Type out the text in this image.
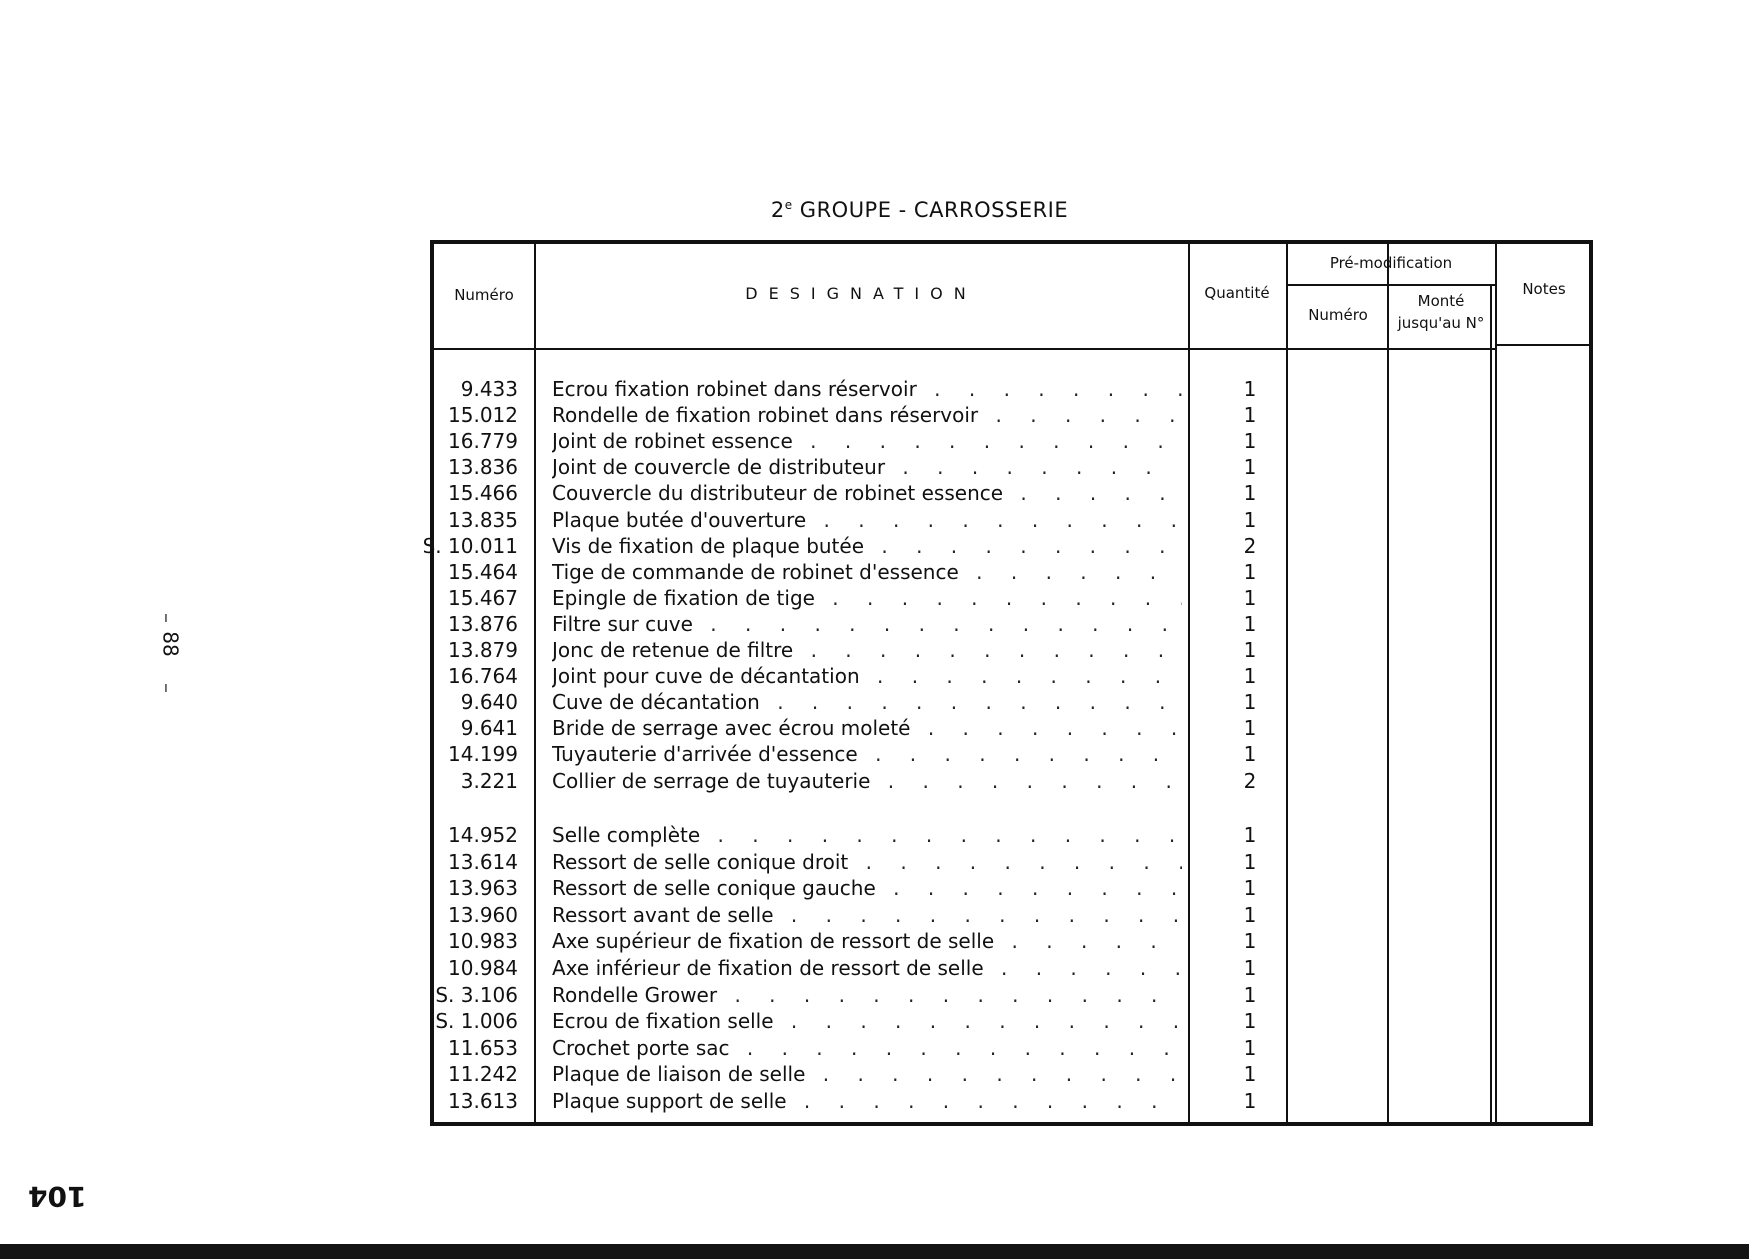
2e GROUPE - CARROSSERIE
ı
88
ı
104
Numéro	DESIGNATION	Quantité
Pré-modification
Numéro
Monté
jusqu'au N°
Notes
9.433 Ecrou fixation robinet dans réservoir . . .	1
15.012 Rondelle de fixation robinet dans réservoir . . .	1
16.779 Joint de robinet essence . . .	1
13.836 Joint de couvercle de distributeur . . .	1
15.466 Couvercle du distributeur de robinet essence . . .	1
13.835 Plaque butée d'ouverture . . .	1
S. 10.011 Vis de fixation de plaque butée . . .	2
15.464 Tige de commande de robinet d'essence . . .	1
15.467 Epingle de fixation de tige . . .	1
13.876 Filtre sur cuve . . .	1
13.879 Jonc de retenue de filtre . . .	1
16.764 Joint pour cuve de décantation . . .	1
9.640 Cuve de décantation . . .	1
9.641 Bride de serrage avec écrou moleté . . .	1
14.199 Tuyauterie d'arrivée d'essence . . .	1
3.221 Collier de serrage de tuyauterie . . .	2
14.952 Selle complète . . .	1
13.614 Ressort de selle conique droit . . .	1
13.963 Ressort de selle conique gauche . . .	1
13.960 Ressort avant de selle . . .	1
10.983 Axe supérieur de fixation de ressort de selle . . .	1
10.984 Axe inférieur de fixation de ressort de selle . . .	1
S. 3.106 Rondelle Grower . . .	1
S. 1.006 Ecrou de fixation selle . . .	1
11.653 Crochet porte sac . . .	1
11.242 Plaque de liaison de selle . . .	1
13.613 Plaque support de selle . . .	1
